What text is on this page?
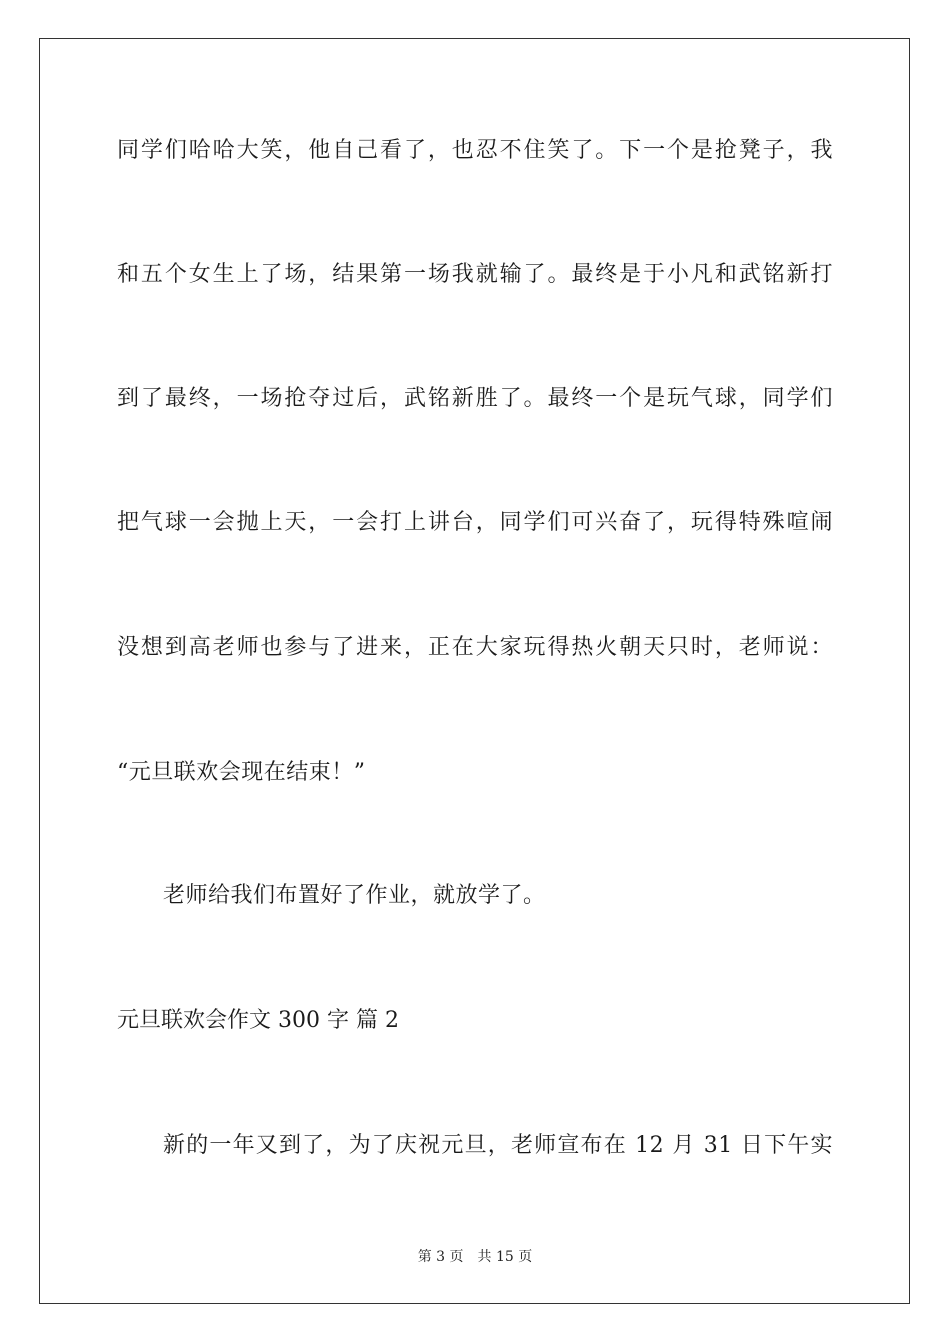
同学们哈哈大笑，他自己看了，也忍不住笑了。下一个是抢凳子，我
和五个女生上了场，结果第一场我就输了。最终是于小凡和武铭新打
到了最终，一场抢夺过后，武铭新胜了。最终一个是玩气球，同学们
把气球一会抛上天，一会打上讲台，同学们可兴奋了，玩得特殊喧闹
没想到高老师也参与了进来，正在大家玩得热火朝天只时，老师说：
“元旦联欢会现在结束！”
老师给我们布置好了作业，就放学了。
元旦联欢会作文 300 字 篇 2
新的一年又到了，为了庆祝元旦，老师宣布在 12 月 31 日下午实
第 3 页 共 15 页
